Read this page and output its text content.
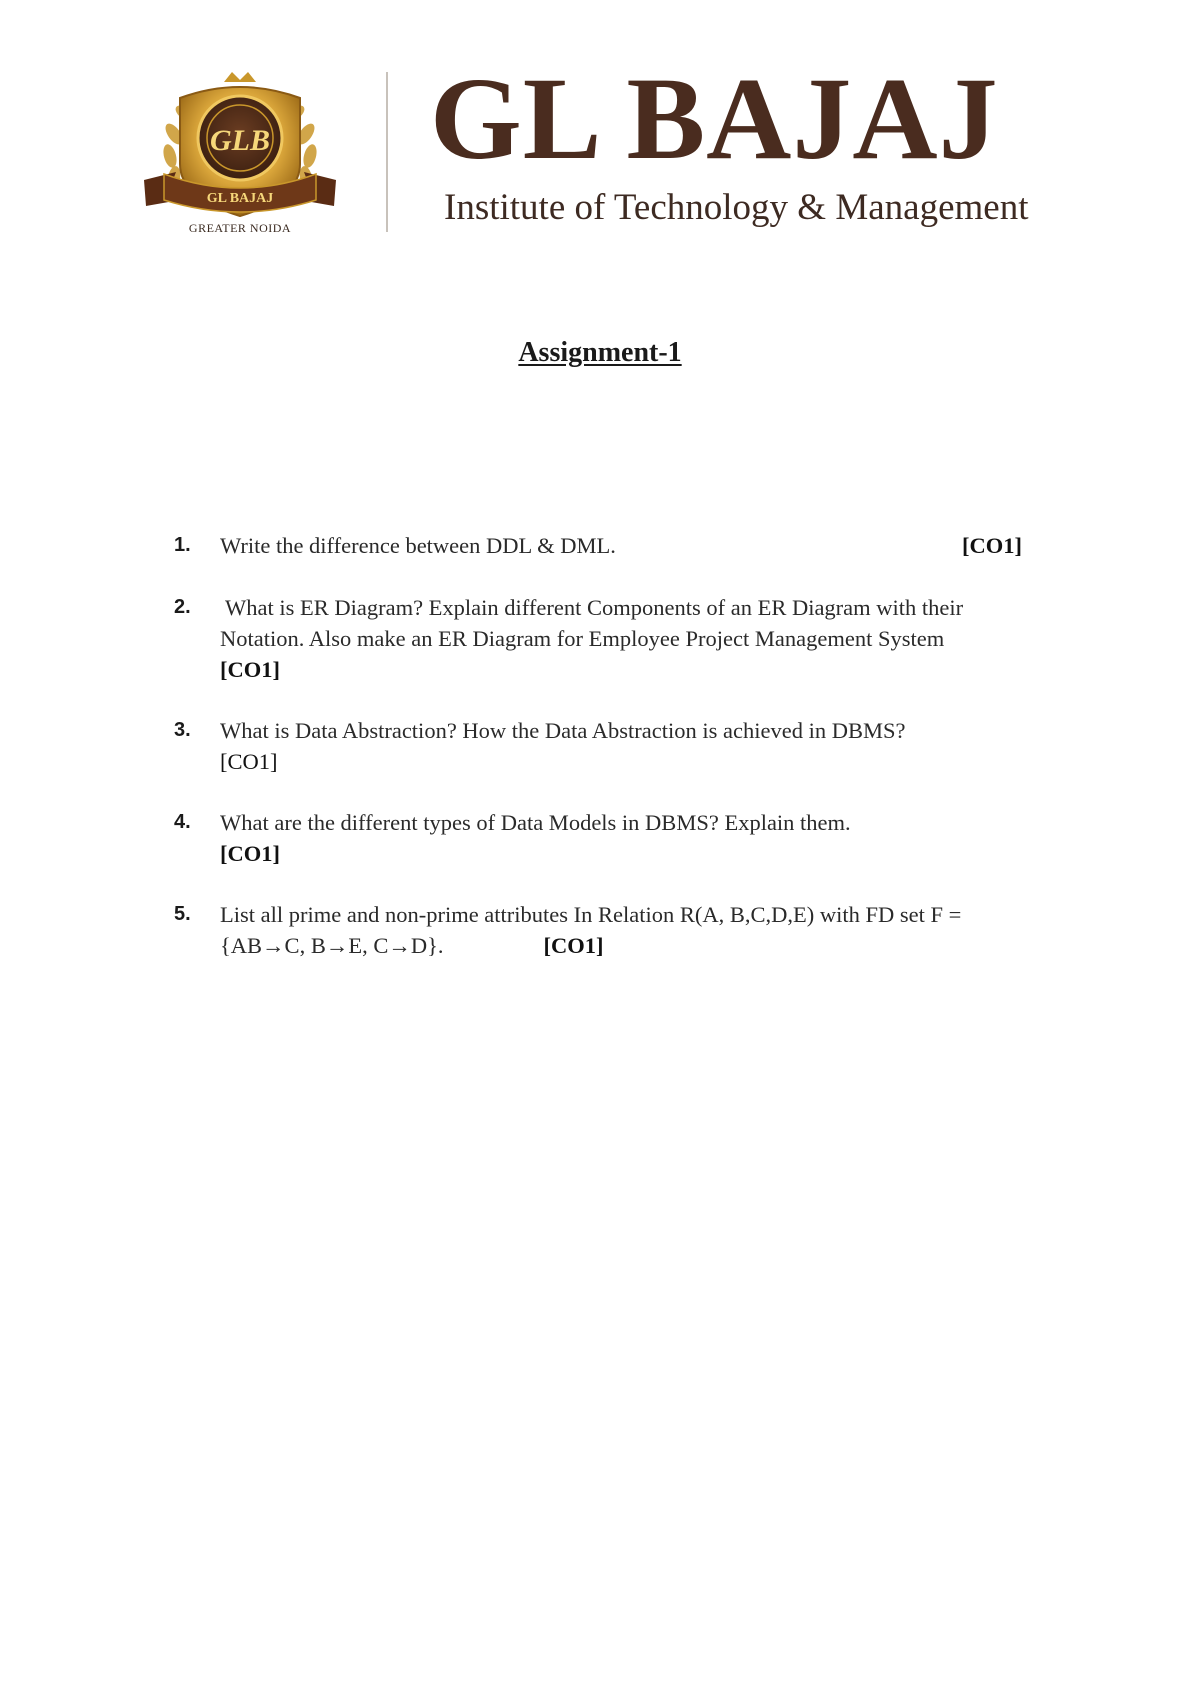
GLB
GL BAJAJ
GREATER NOIDA
GL BAJAJ
Institute of Technology & Management
Assignment-1
1. Write the difference between DDL & DML.	[CO1]
2. What is ER Diagram? Explain different Components of an ER Diagram with their Notation. Also make an ER Diagram for Employee Project Management System
[CO1]
3. What is Data Abstraction? How the Data Abstraction is achieved in DBMS?
[CO1]
4. What are the different types of Data Models in DBMS? Explain them.
[CO1]
5. List all prime and non-prime attributes In Relation R(A, B,C,D,E) with FD set F = {AB→C, B→E, C→D}.	[CO1]
